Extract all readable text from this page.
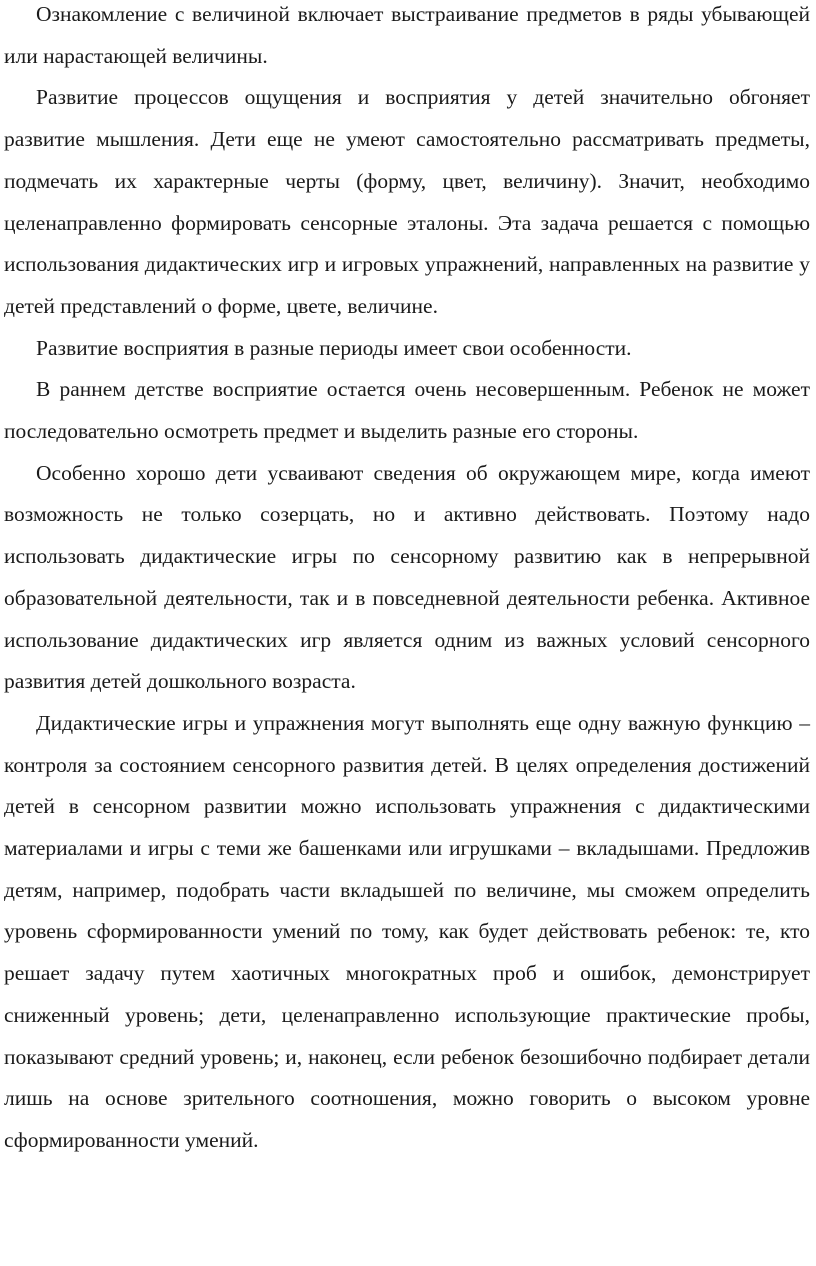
Ознакомление с величиной включает выстраивание предметов в ряды убывающей или нарастающей величины.

Развитие процессов ощущения и восприятия у детей значительно обгоняет развитие мышления. Дети еще не умеют самостоятельно рассматривать предметы, подмечать их характерные черты (форму, цвет, величину). Значит, необходимо целенаправленно формировать сенсорные эталоны. Эта задача решается с помощью использования дидактических игр и игровых упражнений, направленных на развитие у детей представлений о форме, цвете, величине.

Развитие восприятия в разные периоды имеет свои особенности.

В раннем детстве восприятие остается очень несовершенным. Ребенок не может последовательно осмотреть предмет и выделить разные его стороны.

Особенно хорошо дети усваивают сведения об окружающем мире, когда имеют возможность не только созерцать, но и активно действовать. Поэтому надо использовать дидактические игры по сенсорному развитию как в непрерывной образовательной деятельности, так и в повседневной деятельности ребенка. Активное использование дидактических игр является одним из важных условий сенсорного развития детей дошкольного возраста.

Дидактические игры и упражнения могут выполнять еще одну важную функцию – контроля за состоянием сенсорного развития детей. В целях определения достижений детей в сенсорном развитии можно использовать упражнения с дидактическими материалами и игры с теми же башенками или игрушками – вкладышами. Предложив детям, например, подобрать части вкладышей по величине, мы сможем определить уровень сформированности умений по тому, как будет действовать ребенок: те, кто решает задачу путем хаотичных многократных проб и ошибок, демонстрирует сниженный уровень; дети, целенаправленно использующие практические пробы, показывают средний уровень; и, наконец, если ребенок безошибочно подбирает детали лишь на основе зрительного соотношения, можно говорить о высоком уровне сформированности умений.
